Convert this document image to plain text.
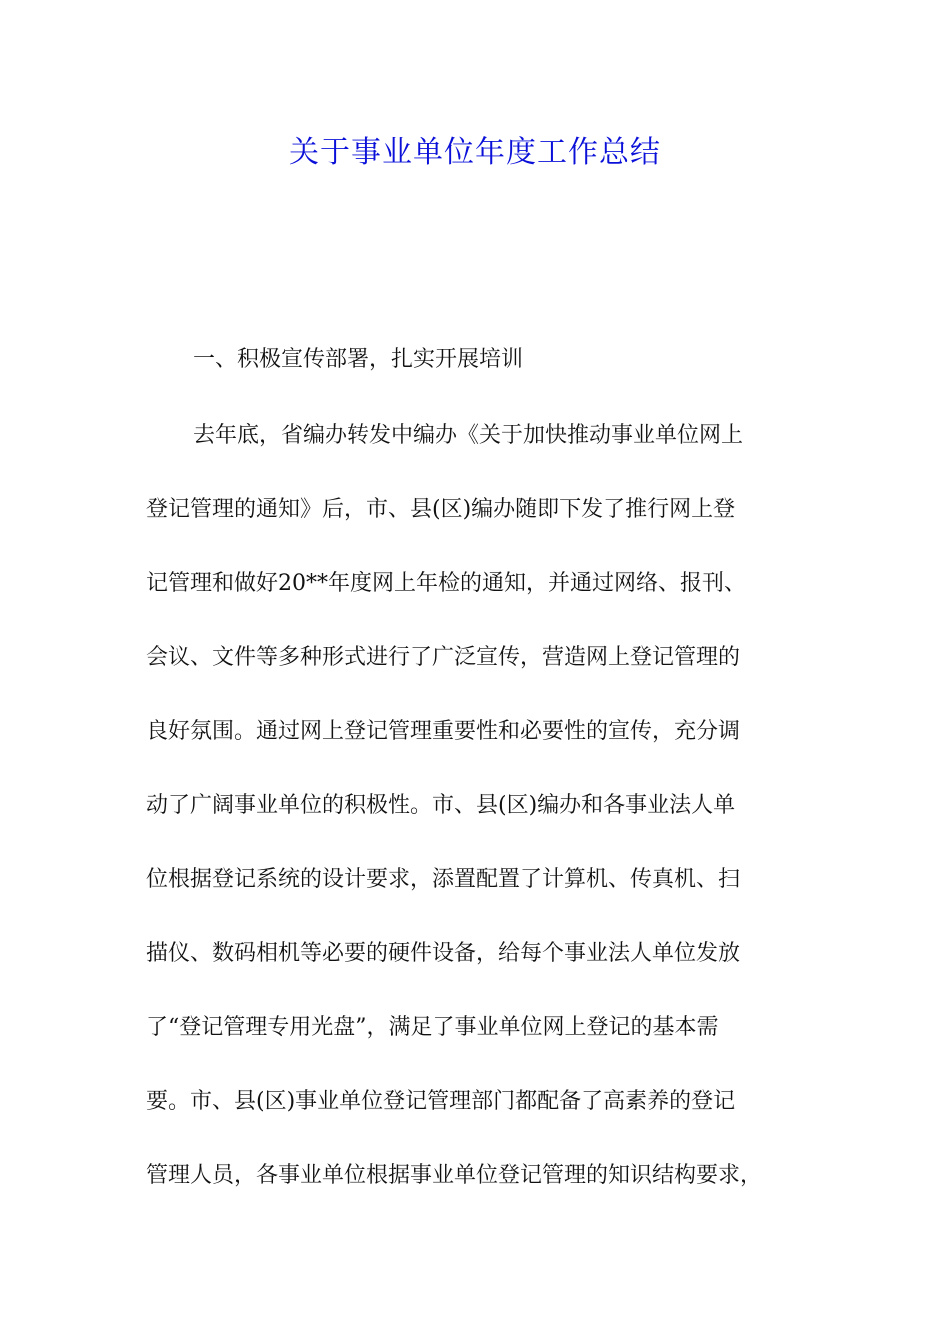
关于事业单位年度工作总结
一、积极宣传部署，扎实开展培训
去年底，省编办转发中编办《关于加快推动事业单位网上
登记管理的通知》后，市、县(区)编办随即下发了推行网上登
记管理和做好20**年度网上年检的通知，并通过网络、报刊、
会议、文件等多种形式进行了广泛宣传，营造网上登记管理的
良好氛围。通过网上登记管理重要性和必要性的宣传，充分调
动了广阔事业单位的积极性。市、县(区)编办和各事业法人单
位根据登记系统的设计要求，添置配置了计算机、传真机、扫
描仪、数码相机等必要的硬件设备，给每个事业法人单位发放
了“登记管理专用光盘”，满足了事业单位网上登记的基本需
要。市、县(区)事业单位登记管理部门都配备了高素养的登记
管理人员，各事业单位根据事业单位登记管理的知识结构要求，
